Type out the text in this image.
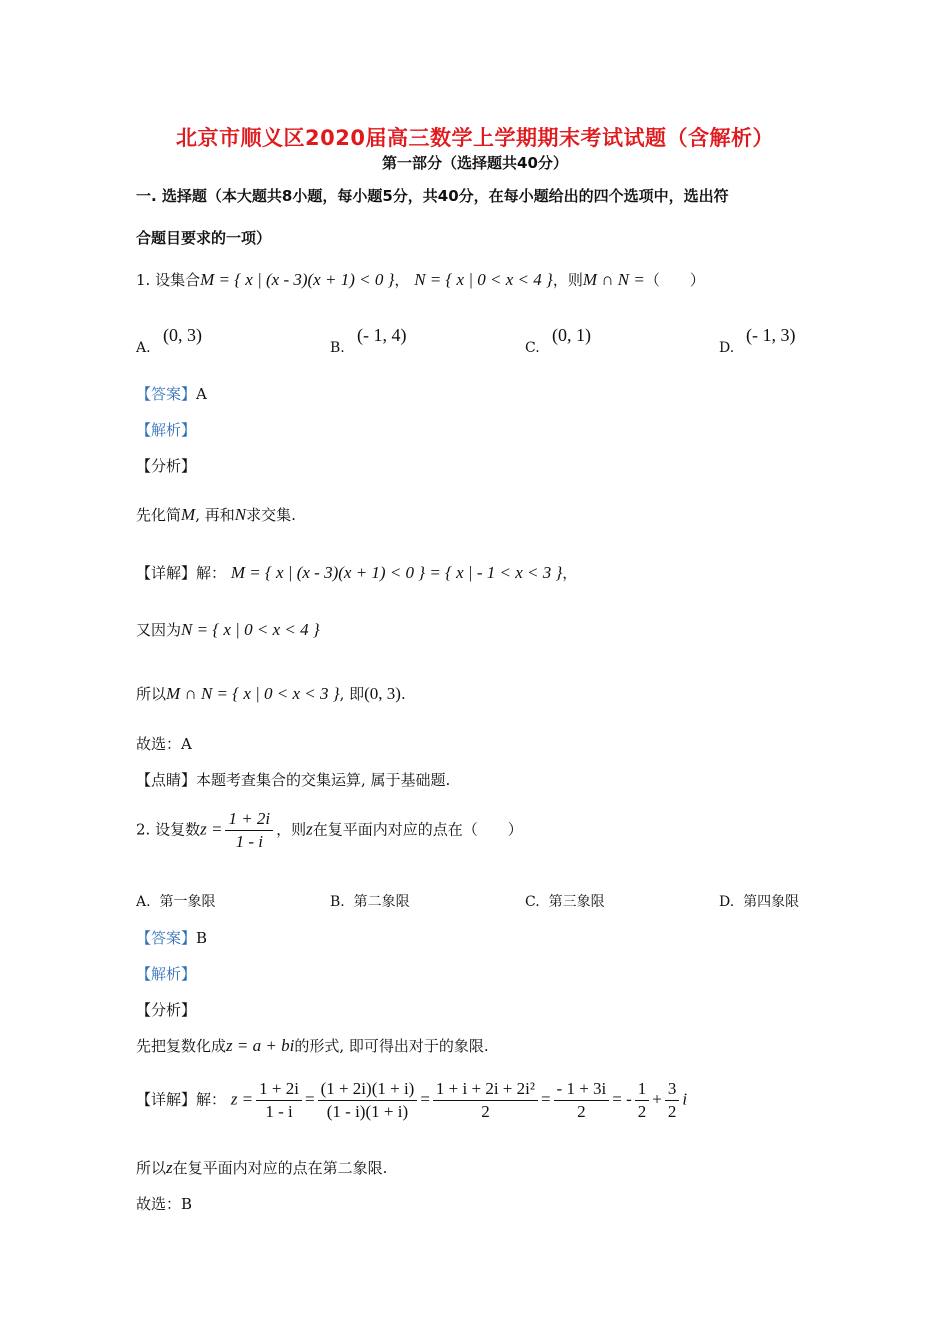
北京市顺义区2020届高三数学上学期期末考试试题（含解析）
第一部分（选择题共40分）
一. 选择题（本大题共8小题，每小题5分，共40分，在每小题给出的四个选项中，选出符
合题目要求的一项）
1. 设集合M = { x | (x - 3)(x + 1) < 0 }， N = { x | 0 < x < 4 }，则M ∩ N =（　　）
A.
(0, 3)
B.
(- 1, 4)
C.
(0, 1)
D.
(- 1, 3)
【答案】A
【解析】
【分析】
先化简M, 再和N求交集.
【详解】解： M = { x | (x - 3)(x + 1) < 0 } = { x | - 1 < x < 3 }，
又因为N = { x | 0 < x < 4 }
所以M ∩ N = { x | 0 < x < 3 }, 即(0, 3).
故选：A
【点睛】本题考查集合的交集运算, 属于基础题.
2. 设复数$z = \frac{1 + 2i}{1 - i}$ ，则z在复平面内对应的点在（　　）
A. 第一象限	B. 第二象限	C. 第三象限	D. 第四象限
【答案】B
【解析】
【分析】
先把复数化成z = a + bi的形式, 即可得出对于的象限.
【详解】解： $z = \frac{1 + 2i}{1 - i} = \frac{(1 + 2i)(1 + i)}{(1 - i)(1 + i)} = \frac{\text{1 + i + 2i + 2i²}}{2} = \frac{- 1 + 3i}{2}$ = - $\frac{1}{2} + \frac{3}{2}$ i
所以z在复平面内对应的点在第二象限.
故选：B
